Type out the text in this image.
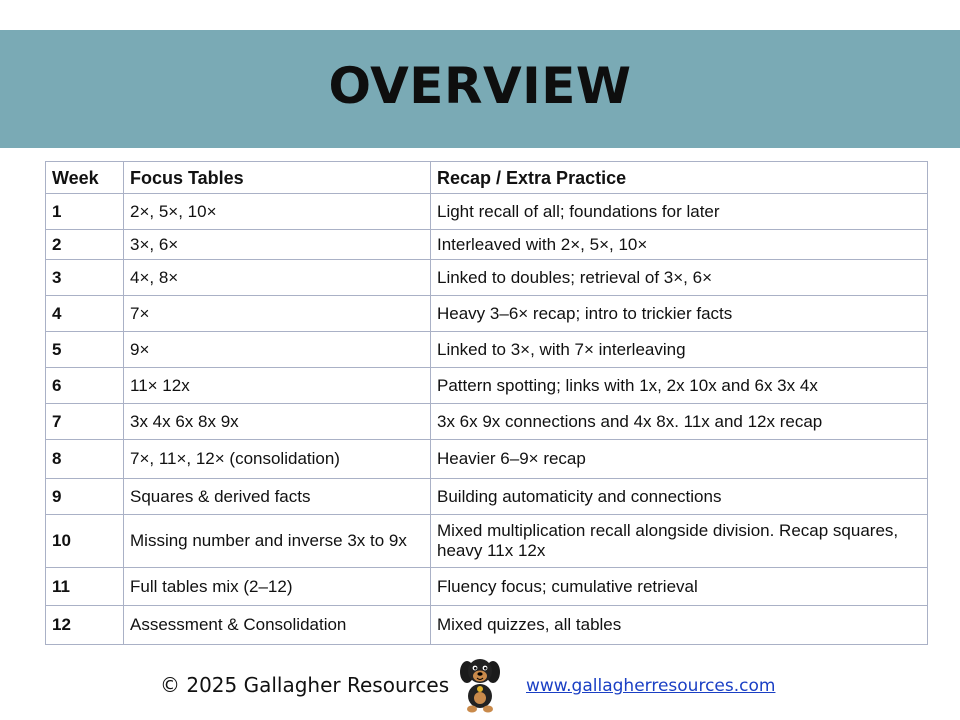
OVERVIEW
Week	Focus Tables	Recap / Extra Practice
1	2×, 5×, 10×	Light recall of all; foundations for later
2	3×, 6×	Interleaved with 2×, 5×, 10×
3	4×, 8×	Linked to doubles; retrieval of 3×, 6×
4	7×	Heavy 3–6× recap; intro to trickier facts
5	9×	Linked to 3×, with 7× interleaving
6	11× 12x	Pattern spotting; links with 1x, 2x 10x and 6x 3x 4x
7	3x 4x 6x 8x 9x	3x 6x 9x connections and 4x 8x. 11x and 12x recap
8	7×, 11×, 12× (consolidation)	Heavier 6–9× recap
9	Squares & derived facts	Building automaticity and connections
10	Missing number and inverse 3x to 9x	Mixed multiplication recall alongside division. Recap squares, heavy 11x 12x
11	Full tables mix (2–12)	Fluency focus; cumulative retrieval
12	Assessment & Consolidation	Mixed quizzes, all tables
© 2025 Gallagher Resources	www.gallagherresources.com
